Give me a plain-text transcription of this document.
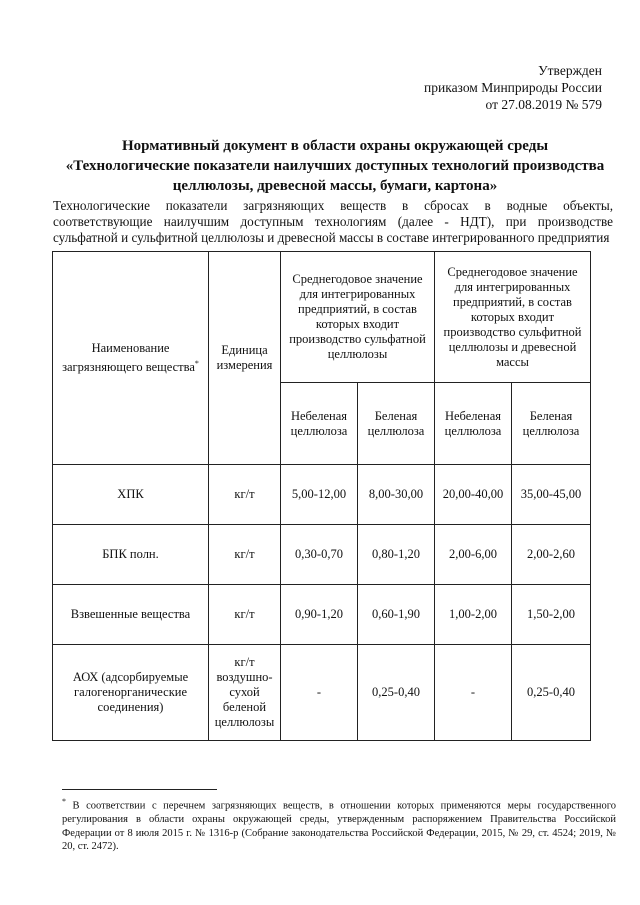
Утвержден
приказом Минприроды России
от 27.08.2019 № 579
Нормативный документ в области охраны окружающей среды
«Технологические показатели наилучших доступных технологий производства
целлюлозы, древесной массы, бумаги, картона»
Технологические показатели загрязняющих веществ в сбросах в водные объекты, соответствующие наилучшим доступным технологиям (далее - НДТ), при производстве сульфатной и сульфитной целлюлозы и древесной массы в составе интегрированного предприятия
Наименование загрязняющего вещества*	Единица измерения	Среднегодовое значение для интегрированных предприятий, в состав которых входит производство сульфатной целлюлозы		Среднегодовое значение для интегрированных предприятий, в состав которых входит производство сульфитной целлюлозы и древесной массы	
		Небеленая целлюлоза	Беленая целлюлоза	Небеленая целлюлоза	Беленая целлюлоза
ХПК	кг/т	5,00-12,00	8,00-30,00	20,00-40,00	35,00-45,00
БПК полн.	кг/т	0,30-0,70	0,80-1,20	2,00-6,00	2,00-2,60
Взвешенные вещества	кг/т	0,90-1,20	0,60-1,90	1,00-2,00	1,50-2,00
АОХ (адсорбируемые галогенорганические соединения)	кг/т воздушно-сухой беленой целлюлозы	-	0,25-0,40	-	0,25-0,40
* В соответствии с перечнем загрязняющих веществ, в отношении которых применяются меры государственного регулирования в области охраны окружающей среды, утвержденным распоряжением Правительства Российской Федерации от 8 июля 2015 г. № 1316-р (Собрание законодательства Российской Федерации, 2015, № 29, ст. 4524; 2019, № 20, ст. 2472).
